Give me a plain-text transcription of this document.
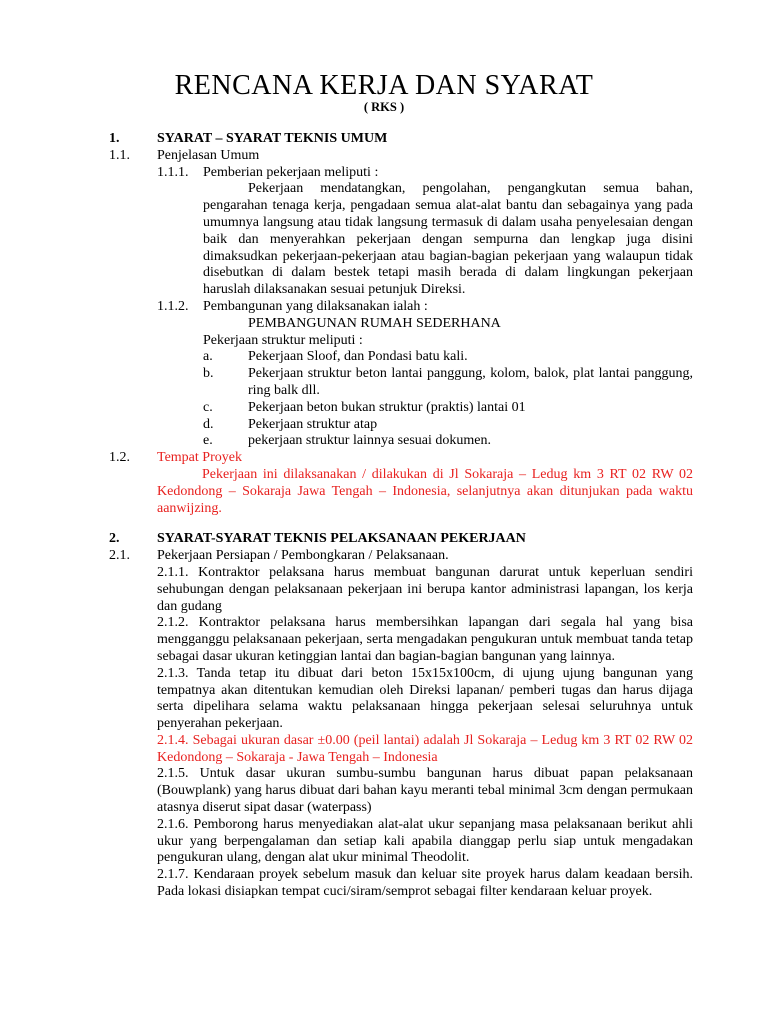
RENCANA KERJA DAN SYARAT
( RKS )
1.	SYARAT – SYARAT TEKNIS UMUM
1.1. Penjelasan Umum
1.1.1. Pemberian pekerjaan meliputi :
Pekerjaan mendatangkan, pengolahan, pengangkutan semua bahan,
pengarahan tenaga kerja, pengadaan semua alat-alat bantu dan sebagainya yang pada umumnya langsung atau tidak langsung termasuk di dalam usaha penyelesaian dengan baik dan menyerahkan pekerjaan dengan sempurna dan lengkap juga disini dimaksudkan pekerjaan-pekerjaan atau bagian-bagian pekerjaan yang walaupun tidak disebutkan di dalam bestek tetapi masih berada di dalam lingkungan pekerjaan haruslah dilaksanakan sesuai petunjuk Direksi.
1.1.2. Pembangunan yang dilaksanakan ialah :
PEMBANGUNAN RUMAH SEDERHANA
Pekerjaan struktur meliputi :
a.	Pekerjaan Sloof, dan Pondasi batu kali.
b. Pekerjaan struktur beton lantai panggung, kolom, balok, plat lantai panggung, ring balk dll.
c.	Pekerjaan beton bukan struktur (praktis) lantai 01
d. Pekerjaan struktur atap
e.	pekerjaan struktur lainnya sesuai dokumen.
1.2. Tempat Proyek
Pekerjaan ini dilaksanakan / dilakukan di Jl Sokaraja – Ledug km 3 RT 02 RW 02 Kedondong – Sokaraja Jawa Tengah – Indonesia, selanjutnya akan ditunjukan pada waktu aanwijzing.
2.	SYARAT-SYARAT TEKNIS PELAKSANAAN PEKERJAAN
2.1. Pekerjaan Persiapan / Pembongkaran / Pelaksanaan.
2.1.1. Kontraktor pelaksana harus membuat bangunan darurat untuk keperluan sendiri sehubungan dengan pelaksanaan pekerjaan ini berupa kantor administrasi lapangan, los kerja dan gudang
2.1.2. Kontraktor pelaksana harus membersihkan lapangan dari segala hal yang bisa mengganggu pelaksanaan pekerjaan, serta mengadakan pengukuran untuk membuat tanda tetap sebagai dasar ukuran ketinggian lantai dan bagian-bagian bangunan yang lainnya.
2.1.3. Tanda tetap itu dibuat dari beton 15x15x100cm, di ujung ujung bangunan yang tempatnya akan ditentukan kemudian oleh Direksi lapanan/ pemberi tugas dan harus dijaga serta dipelihara selama waktu pelaksanaan hingga pekerjaan selesai seluruhnya untuk penyerahan pekerjaan.
2.1.4. Sebagai ukuran dasar ±0.00 (peil lantai) adalah Jl Sokaraja – Ledug km 3 RT 02 RW 02 Kedondong – Sokaraja - Jawa Tengah – Indonesia
2.1.5. Untuk dasar ukuran sumbu-sumbu bangunan harus dibuat papan pelaksanaan (Bouwplank) yang harus dibuat dari bahan kayu meranti tebal minimal 3cm dengan permukaan atasnya diserut sipat dasar (waterpass)
2.1.6. Pemborong harus menyediakan alat-alat ukur sepanjang masa pelaksanaan berikut ahli ukur yang berpengalaman dan setiap kali apabila dianggap perlu siap untuk mengadakan pengukuran ulang, dengan alat ukur minimal Theodolit.
2.1.7. Kendaraan proyek sebelum masuk dan keluar site proyek harus dalam keadaan bersih. Pada lokasi disiapkan tempat cuci/siram/semprot sebagai filter kendaraan keluar proyek.
